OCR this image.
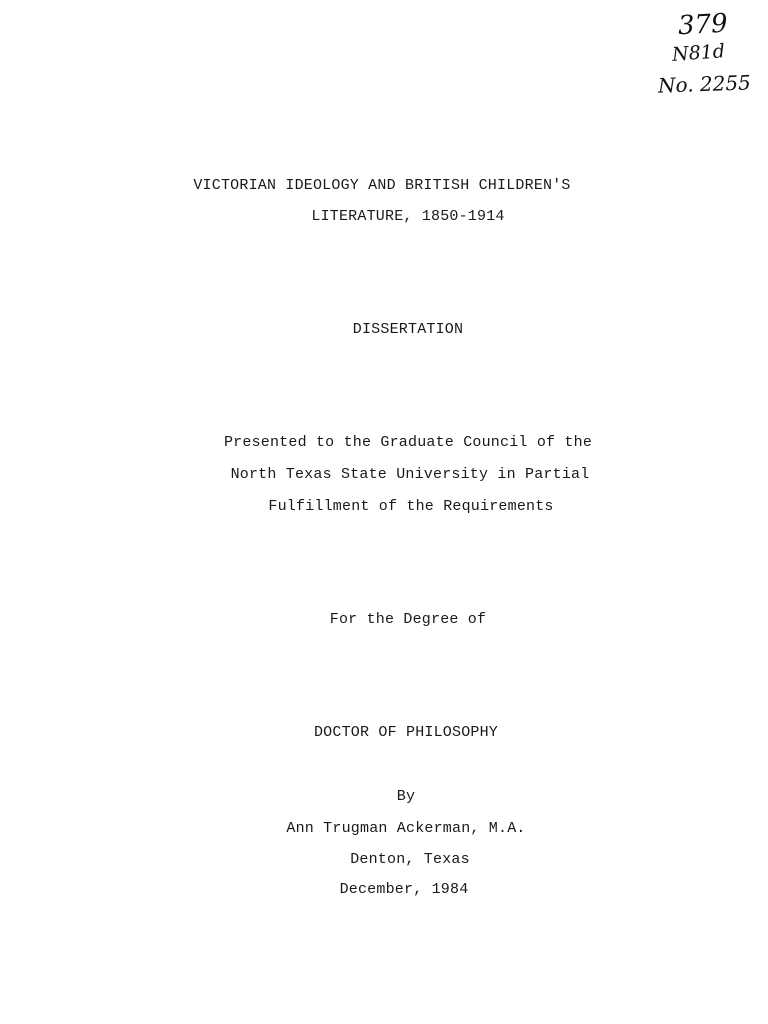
379
N81d
No. 2255
VICTORIAN IDEOLOGY AND BRITISH CHILDREN'S
LITERATURE, 1850-1914
DISSERTATION
Presented to the Graduate Council of the
North Texas State University in Partial
Fulfillment of the Requirements
For the Degree of
DOCTOR OF PHILOSOPHY
By
Ann Trugman Ackerman, M.A.
Denton, Texas
December, 1984
